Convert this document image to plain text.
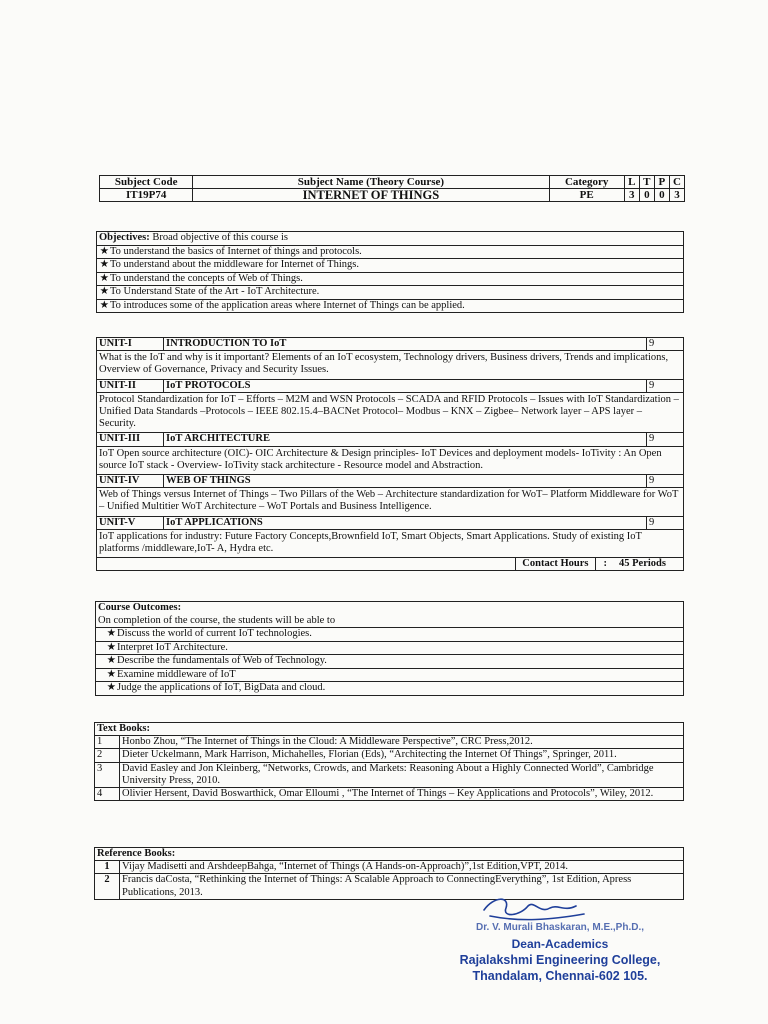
Subject Code	Subject Name (Theory Course)	Category	L	T	P	C
IT19P74	INTERNET OF THINGS	PE	3	0	0	3
Objectives: Broad objective of this course is	
★	To understand the basics of Internet of things and protocols.
★	To understand about the middleware for Internet of Things.
★	To understand the concepts of Web of Things.
★	To Understand State of the Art - IoT Architecture.
★	To introduces some of the application areas where Internet of Things can be applied.
UNIT-I	INTRODUCTION TO IoT	9
What is the IoT and why is it important? Elements of an IoT ecosystem, Technology drivers, Business drivers, Trends and implications, Overview of Governance, Privacy and Security Issues.		
UNIT-II	IoT PROTOCOLS	9
Protocol Standardization for IoT – Efforts – M2M and WSN Protocols – SCADA and RFID Protocols – Issues with IoT Standardization – Unified Data Standards –Protocols – IEEE 802.15.4–BACNet Protocol– Modbus – KNX – Zigbee– Network layer – APS layer – Security.		
UNIT-III	IoT ARCHITECTURE	9
IoT Open source architecture (OIC)- OIC Architecture & Design principles- IoT Devices and deployment models- IoTivity : An Open source IoT stack - Overview- IoTivity stack architecture - Resource model and Abstraction.		
UNIT-IV	WEB OF THINGS	9
Web of Things versus Internet of Things – Two Pillars of the Web – Architecture standardization for WoT– Platform Middleware for WoT – Unified Multitier WoT Architecture – WoT Portals and Business Intelligence.		
UNIT-V	IoT APPLICATIONS	9
IoT applications for industry: Future Factory Concepts,Brownfield IoT, Smart Objects, Smart Applications. Study of existing IoT platforms /middleware,IoT- A, Hydra etc.		
Contact Hours : 45 Periods		
Course Outcomes:
On completion of the course, the students will be able to	
★	Discuss the world of current IoT technologies.
★	Interpret IoT Architecture.
★	Describe the fundamentals of Web of Technology.
★	Examine middleware of IoT
★	Judge the applications of IoT, BigData and cloud.
Text Books:	
1	Honbo Zhou, “The Internet of Things in the Cloud: A Middleware Perspective”, CRC Press,2012.
2	Dieter Uckelmann, Mark Harrison, Michahelles, Florian (Eds), “Architecting the Internet Of Things”, Springer, 2011.
3	David Easley and Jon Kleinberg, “Networks, Crowds, and Markets: Reasoning About a Highly Connected World”, Cambridge University Press, 2010.
4	Olivier Hersent, David Boswarthick, Omar Elloumi , “The Internet of Things – Key Applications and Protocols”, Wiley, 2012.
Reference Books:	
1	Vijay Madisetti and ArshdeepBahga, “Internet of Things (A Hands-on-Approach)”,1st Edition,VPT, 2014.
2	Francis daCosta, “Rethinking the Internet of Things: A Scalable Approach to ConnectingEverything”, 1st Edition, Apress Publications, 2013.
Dr. V. Murali Bhaskaran, M.E.,Ph.D.,
Dean-Academics
Rajalakshmi Engineering College,
Thandalam, Chennai-602 105.
